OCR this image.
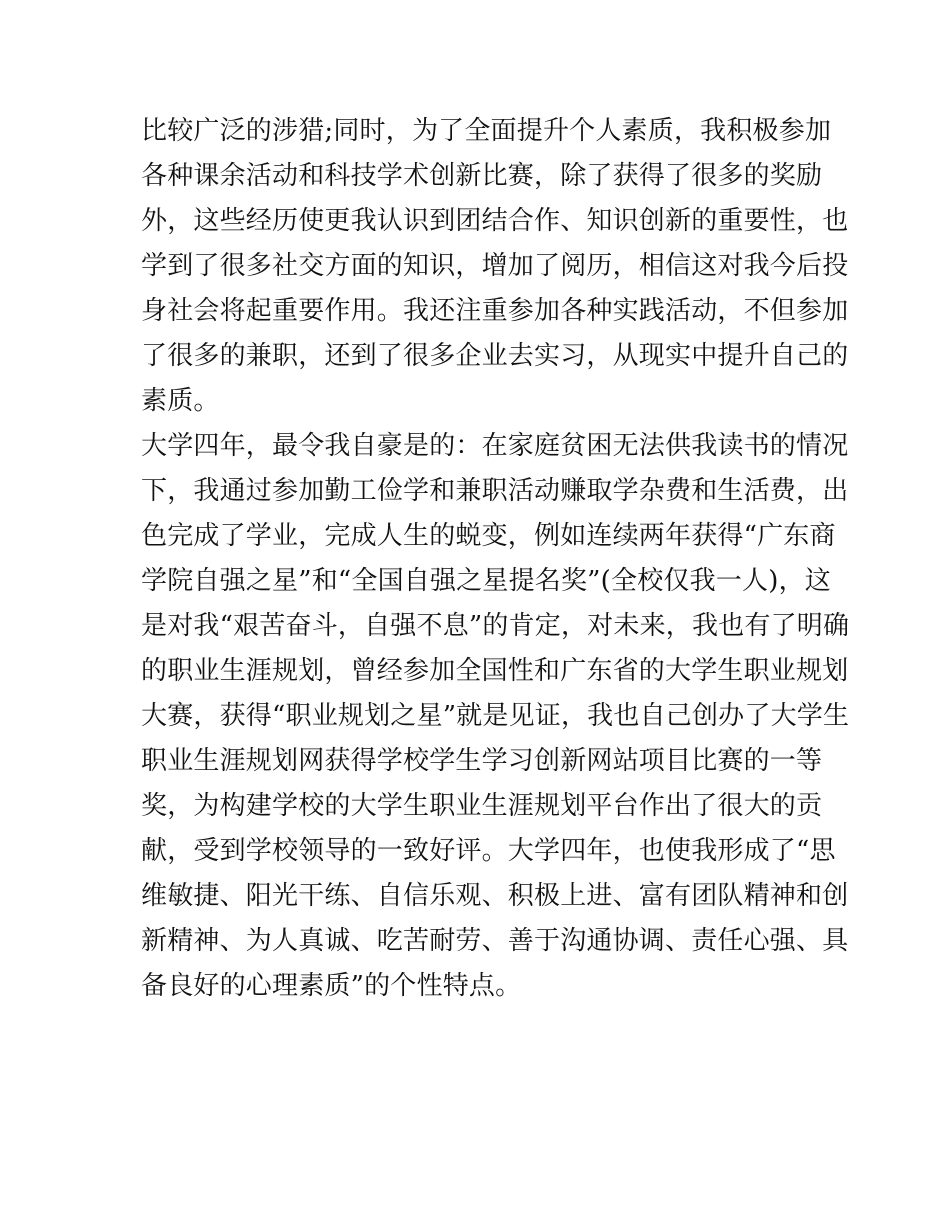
比较广泛的涉猎;同时，为了全面提升个人素质，我积极参加
各种课余活动和科技学术创新比赛，除了获得了很多的奖励
外，这些经历使更我认识到团结合作、知识创新的重要性，也
学到了很多社交方面的知识，增加了阅历，相信这对我今后投
身社会将起重要作用。我还注重参加各种实践活动，不但参加
了很多的兼职，还到了很多企业去实习，从现实中提升自己的
素质。
大学四年，最令我自豪是的：在家庭贫困无法供我读书的情况
下，我通过参加勤工俭学和兼职活动赚取学杂费和生活费，出
色完成了学业，完成人生的蜕变，例如连续两年获得“广东商
学院自强之星”和“全国自强之星提名奖”(全校仅我一人)，这
是对我“艰苦奋斗，自强不息”的肯定，对未来，我也有了明确
的职业生涯规划，曾经参加全国性和广东省的大学生职业规划
大赛，获得“职业规划之星”就是见证，我也自己创办了大学生
职业生涯规划网获得学校学生学习创新网站项目比赛的一等
奖，为构建学校的大学生职业生涯规划平台作出了很大的贡
献，受到学校领导的一致好评。大学四年，也使我形成了“思
维敏捷、阳光干练、自信乐观、积极上进、富有团队精神和创
新精神、为人真诚、吃苦耐劳、善于沟通协调、责任心强、具
备良好的心理素质”的个性特点。
